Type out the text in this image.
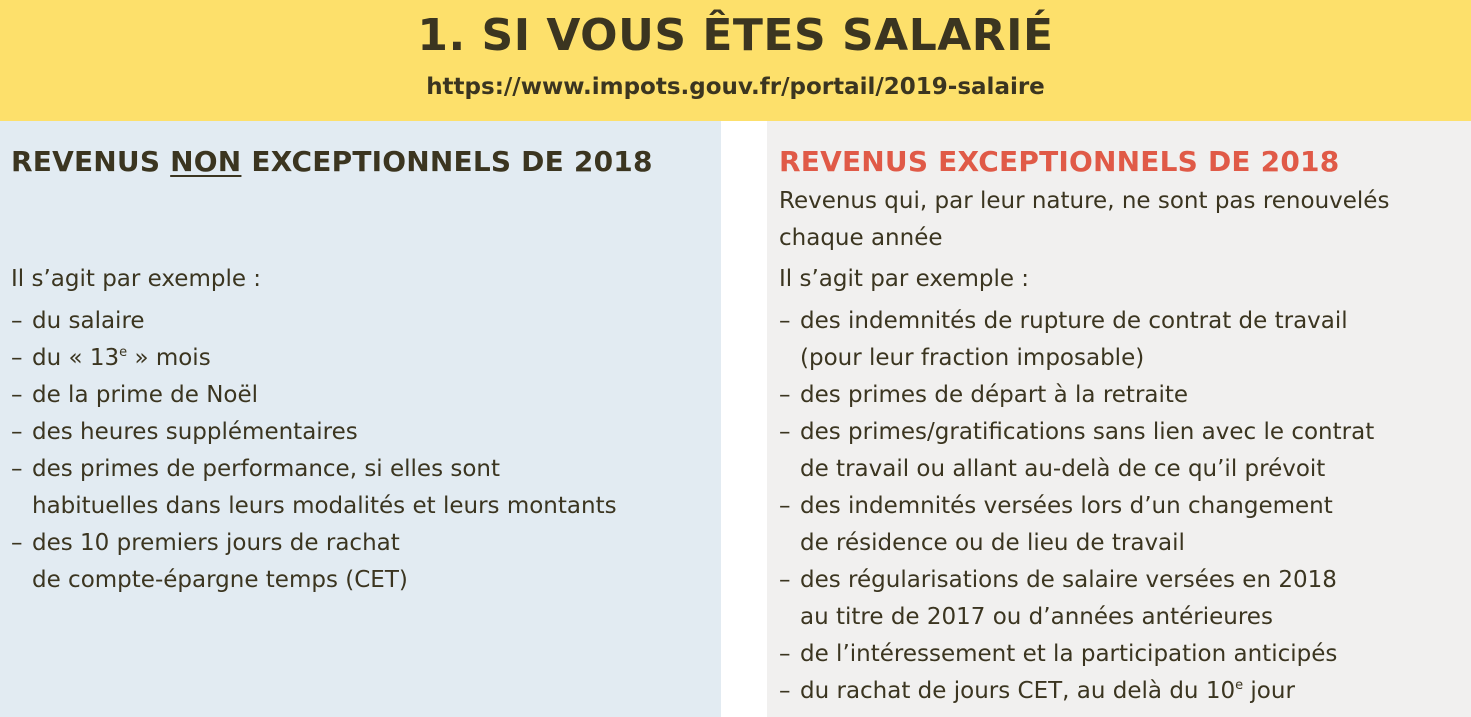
1. SI VOUS ÊTES SALARIÉ
https://www.impots.gouv.fr/portail/2019-salaire
REVENUS NON EXCEPTIONNELS DE 2018
Il s’agit par exemple :
– du salaire
– du « 13e » mois
– de la prime de Noël
– des heures supplémentaires
– des primes de performance, si elles sont
habituelles dans leurs modalités et leurs montants
– des 10 premiers jours de rachat
de compte-épargne temps (CET)
REVENUS EXCEPTIONNELS DE 2018
Revenus qui, par leur nature, ne sont pas renouvelés
chaque année
Il s’agit par exemple :
– des indemnités de rupture de contrat de travail
(pour leur fraction imposable)
– des primes de départ à la retraite
– des primes/gratifications sans lien avec le contrat
de travail ou allant au-delà de ce qu’il prévoit
– des indemnités versées lors d’un changement
de résidence ou de lieu de travail
– des régularisations de salaire versées en 2018
au titre de 2017 ou d’années antérieures
– de l’intéressement et la participation anticipés
– du rachat de jours CET, au delà du 10e jour
